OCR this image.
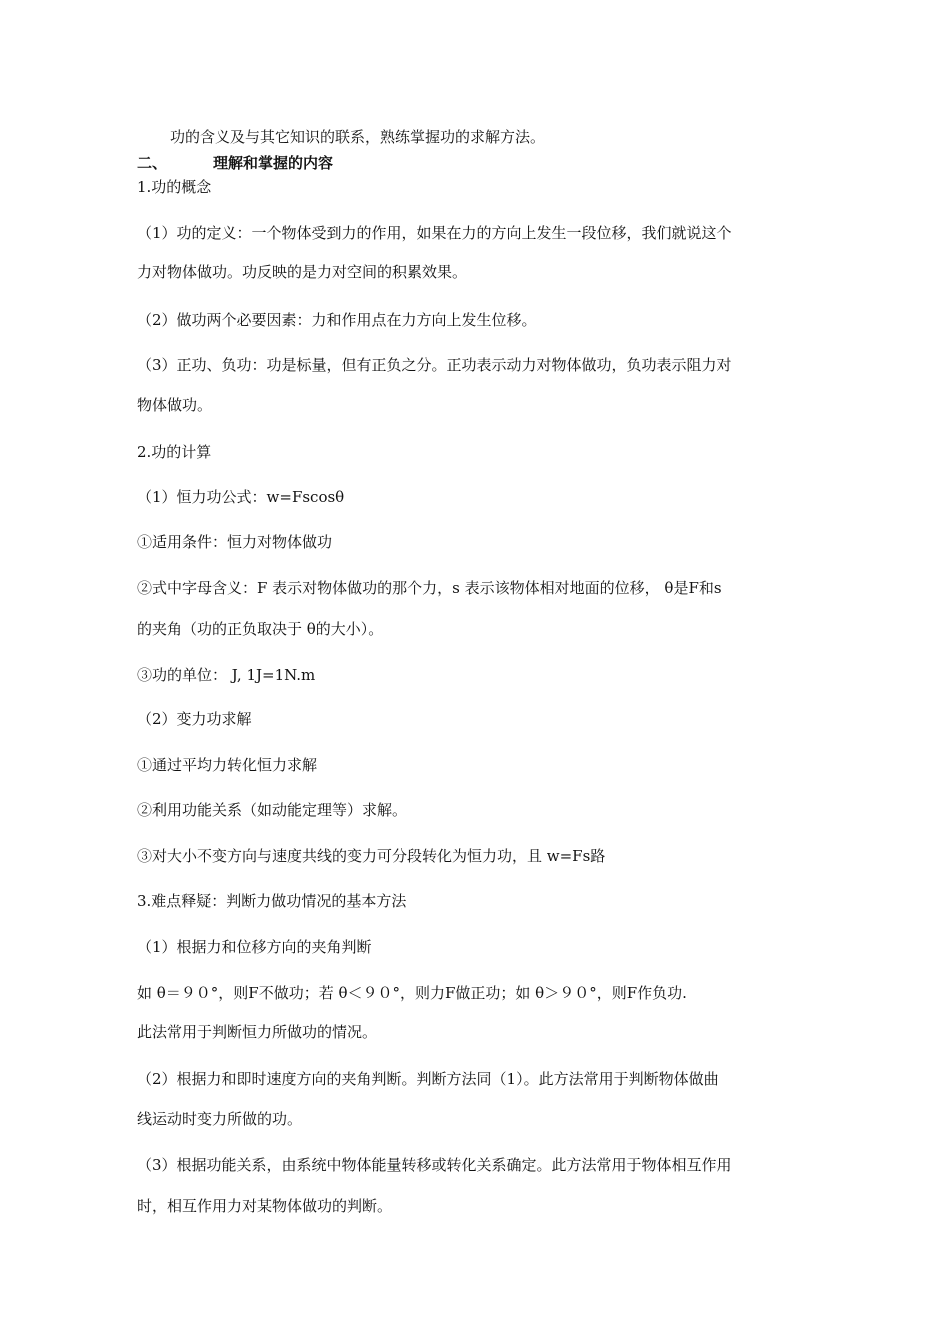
功的含义及与其它知识的联系，熟练掌握功的求解方法。
二、	理解和掌握的内容
1.功的概念
（1）功的定义：一个物体受到力的作用，如果在力的方向上发生一段位移，我们就说这个
力对物体做功。功反映的是力对空间的积累效果。
（2）做功两个必要因素：力和作用点在力方向上发生位移。
（3）正功、负功：功是标量，但有正负之分。正功表示动力对物体做功，负功表示阻力对
物体做功。
2.功的计算
（1）恒力功公式：w=Fscosθ
①适用条件：恒力对物体做功
②式中字母含义：F 表示对物体做功的那个力，s 表示该物体相对地面的位移， θ是F和s
的夹角（功的正负取决于 θ的大小）。
③功的单位： J, 1J=1N.m
（2）变力功求解
①通过平均力转化恒力求解
②利用功能关系（如动能定理等）求解。
③对大小不变方向与速度共线的变力可分段转化为恒力功，且 w=Fs路
3.难点释疑：判断力做功情况的基本方法
（1）根据力和位移方向的夹角判断
如 θ＝９０°，则F不做功；若 θ＜９０°，则力F做正功；如 θ＞９０°，则F作负功.
此法常用于判断恒力所做功的情况。
（2）根据力和即时速度方向的夹角判断。判断方法同（1）。此方法常用于判断物体做曲
线运动时变力所做的功。
（3）根据功能关系，由系统中物体能量转移或转化关系确定。此方法常用于物体相互作用
时，相互作用力对某物体做功的判断。
